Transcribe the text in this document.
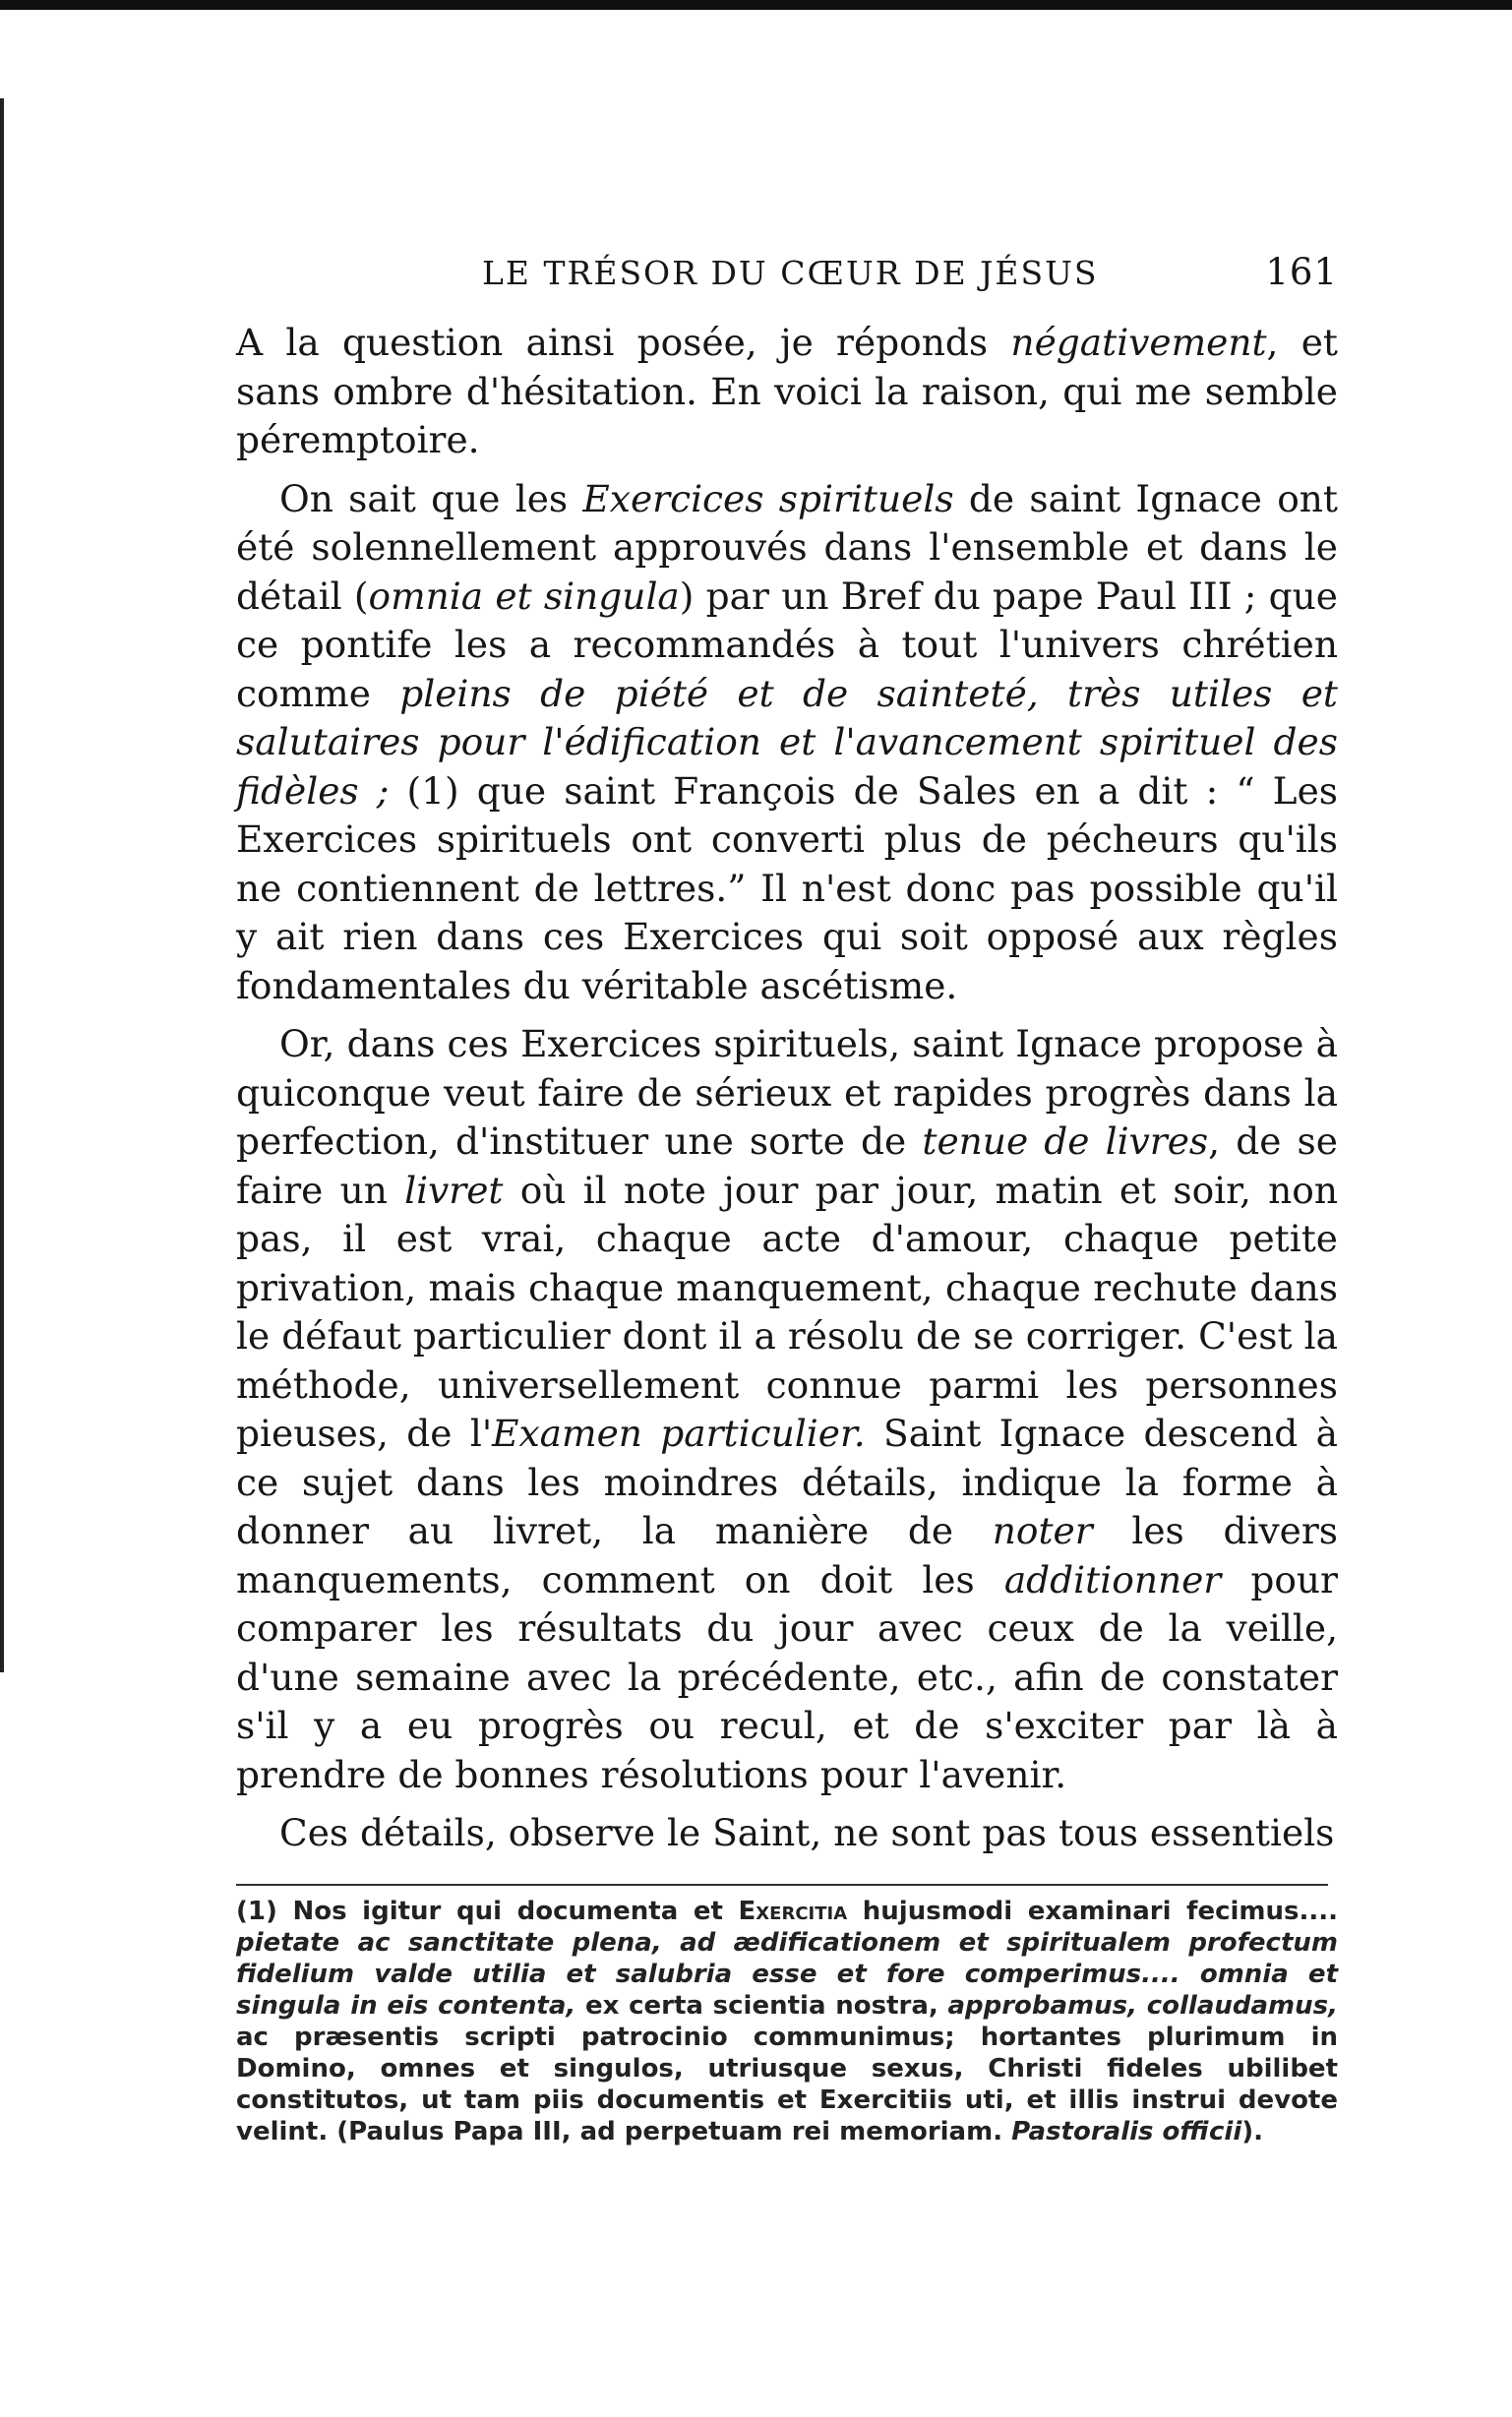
LE TRÉSOR DU CŒUR DE JÉSUS	161

A la question ainsi posée, je réponds négativement, et sans ombre d'hésitation. En voici la raison, qui me semble péremptoire.

On sait que les Exercices spirituels de saint Ignace ont été solennellement approuvés dans l'ensemble et dans le détail (omnia et singula) par un Bref du pape Paul III ; que ce pontife les a recommandés à tout l'univers chrétien comme pleins de piété et de sainteté, très utiles et salutaires pour l'édification et l'avancement spirituel des fidèles ; (1) que saint François de Sales en a dit : “ Les Exercices spirituels ont converti plus de pécheurs qu'ils ne contiennent de lettres.” Il n'est donc pas possible qu'il y ait rien dans ces Exercices qui soit opposé aux règles fondamentales du véritable ascétisme.

Or, dans ces Exercices spirituels, saint Ignace propose à quiconque veut faire de sérieux et rapides progrès dans la perfection, d'instituer une sorte de tenue de livres, de se faire un livret où il note jour par jour, matin et soir, non pas, il est vrai, chaque acte d'amour, chaque petite privation, mais chaque manquement, chaque rechute dans le défaut particulier dont il a résolu de se corriger. C'est la méthode, universellement connue parmi les personnes pieuses, de l'Examen particulier. Saint Ignace descend à ce sujet dans les moindres détails, indique la forme à donner au livret, la manière de noter les divers manquements, comment on doit les additionner pour comparer les résultats du jour avec ceux de la veille, d'une semaine avec la précédente, etc., afin de constater s'il y a eu progrès ou recul, et de s'exciter par là à prendre de bonnes résolutions pour l'avenir.

Ces détails, observe le Saint, ne sont pas tous essentiels

(1) Nos igitur qui documenta et Exercitia hujusmodi examinari fecimus.... pietate ac sanctitate plena, ad ædificationem et spiritualem profectum fidelium valde utilia et salubria esse et fore comperimus.... omnia et singula in eis contenta, ex certa scientia nostra, approbamus, collaudamus, ac præsentis scripti patrocinio communimus; hortantes plurimum in Domino, omnes et singulos, utriusque sexus, Christi fideles ubilibet constitutos, ut tam piis documentis et Exercitiis uti, et illis instrui devote velint. (Paulus Papa III, ad perpetuam rei memoriam. Pastoralis officii).
